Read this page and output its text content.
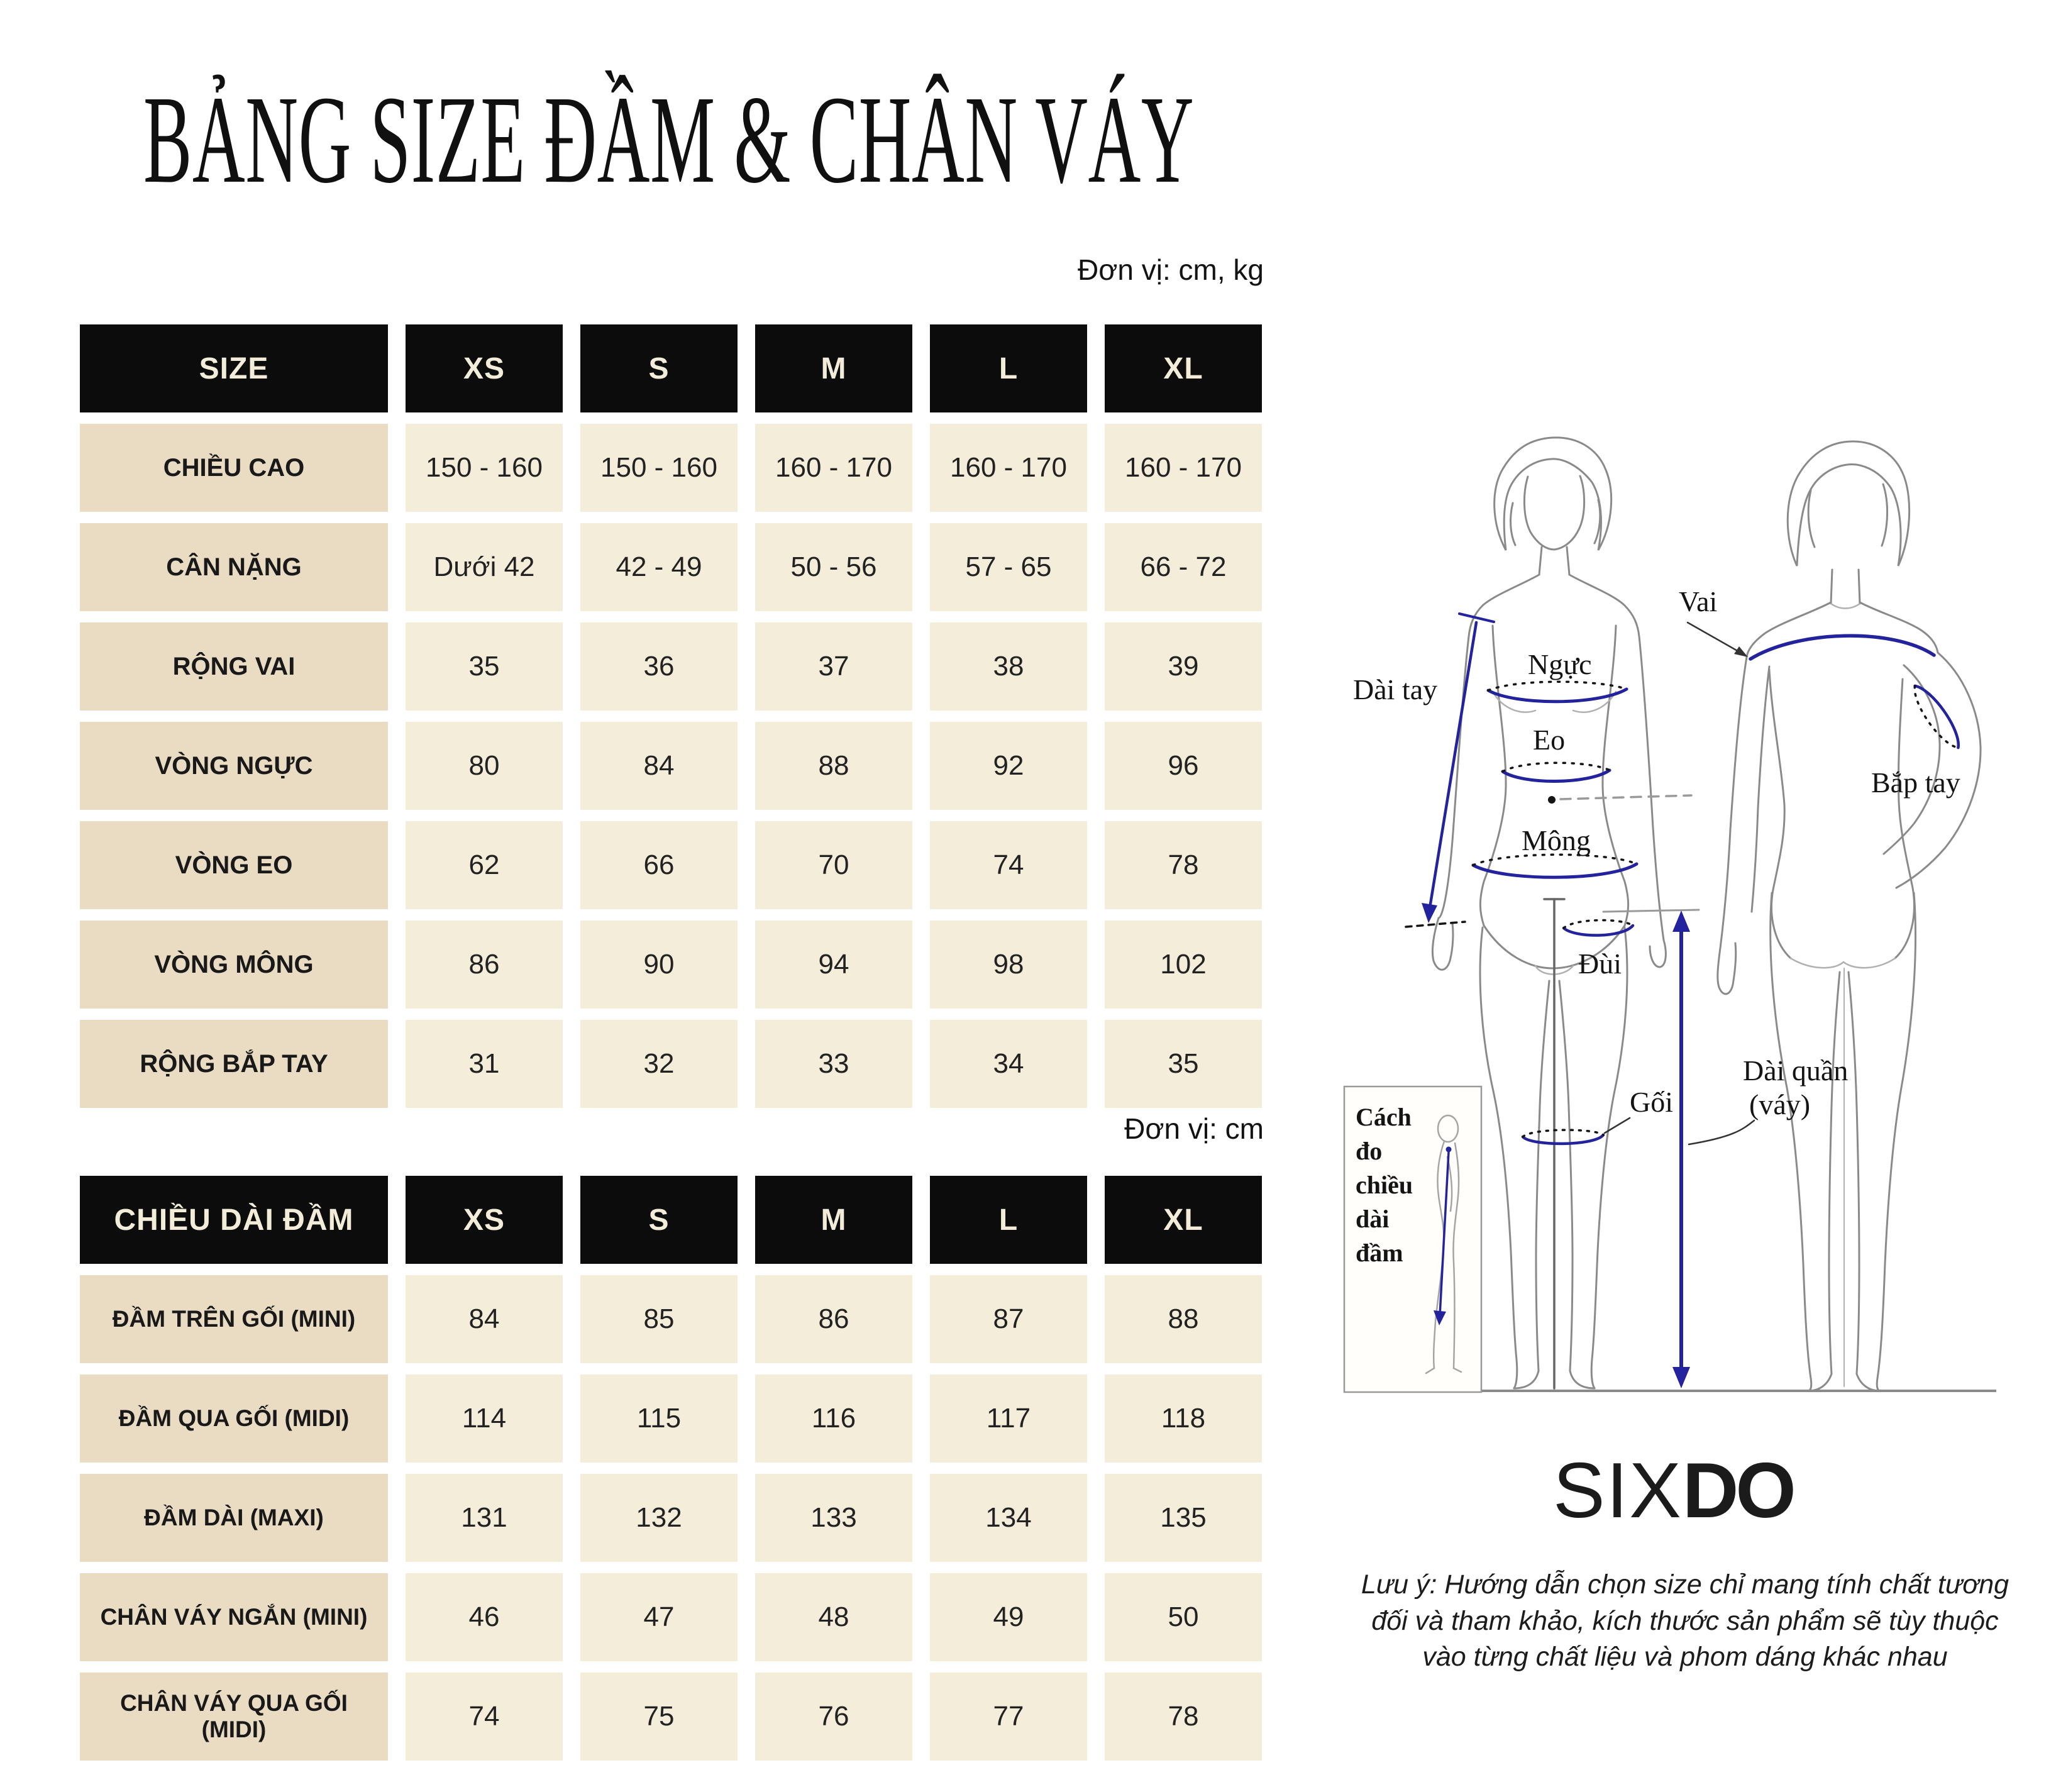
BẢNG SIZE ĐẦM & CHÂN VÁY
Đơn vị: cm, kg
SIZE	XS	S	M	L	XL
CHIỀU CAO	150 - 160	150 - 160	160 - 170	160 - 170	160 - 170
CÂN NẶNG	Dưới 42	42 - 49	50 - 56	57 - 65	66 - 72
RỘNG VAI	35	36	37	38	39
VÒNG NGỰC	80	84	88	92	96
VÒNG EO	62	66	70	74	78
VÒNG MÔNG	86	90	94	98	102
RỘNG BẮP TAY	31	32	33	34	35
Đơn vị: cm
CHIỀU DÀI ĐẦM	XS	S	M	L	XL
ĐẦM TRÊN GỐI (MINI)	84	85	86	87	88
ĐẦM QUA GỐI (MIDI)	114	115	116	117	118
ĐẦM DÀI (MAXI)	131	132	133	134	135
CHÂN VÁY NGẮN (MINI)	46	47	48	49	50
CHÂN VÁY QUA GỐI (MIDI)	74	75	76	77	78
Vai
Ngực
Dài tay
Eo
Mông
Bắp tay
Đùi
Gối
Dài quần
(váy)
Cách
đo
chiều
dài
đầm
SIXDO
Lưu ý: Hướng dẫn chọn size chỉ mang tính chất tương
đối và tham khảo, kích thước sản phẩm sẽ tùy thuộc
vào từng chất liệu và phom dáng khác nhau
